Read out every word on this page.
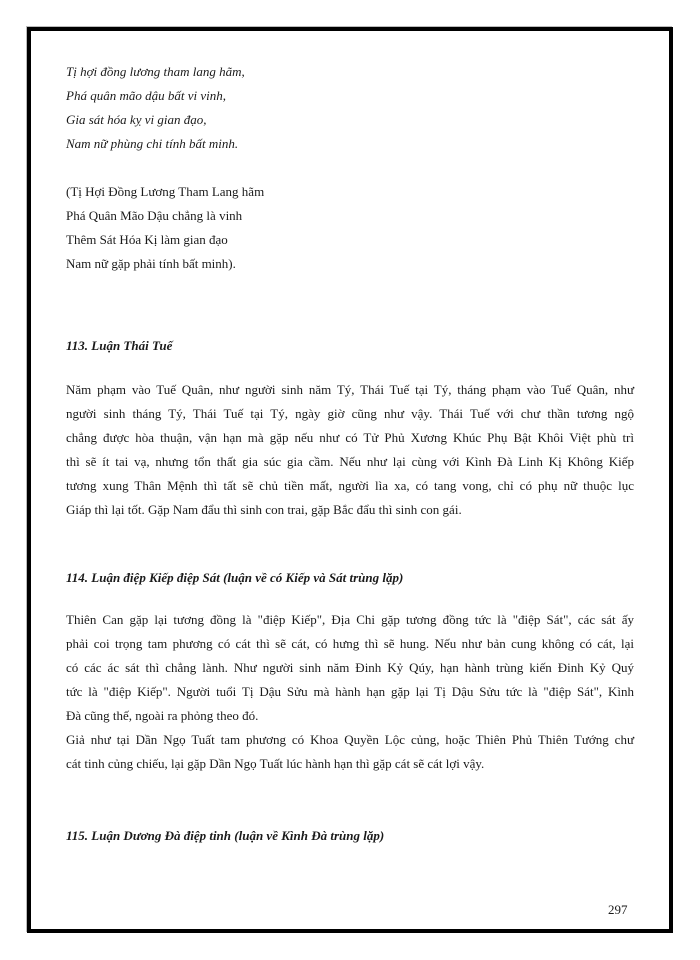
Tị hợi đồng lương tham lang hãm,
Phá quân mão dậu bất vi vinh,
Gia sát hóa kỵ vi gian đạo,
Nam nữ phùng chi tính bất minh.
(Tị Hợi Đồng Lương Tham Lang hãm
Phá Quân Mão Dậu chẳng là vinh
Thêm Sát Hóa Kị làm gian đạo
Nam nữ gặp phải tính bất minh).
113. Luận Thái Tuế
Năm phạm vào Tuế Quân, như người sinh năm Tý, Thái Tuế tại Tý, tháng phạm vào Tuế Quân, như
người sinh tháng Tý, Thái Tuế tại Tý, ngày giờ cũng như vậy. Thái Tuế với chư thần tương ngộ
chẳng được hòa thuận, vận hạn mà gặp nếu như có Tử Phủ Xương Khúc Phụ Bật Khôi Việt phù trì
thì sẽ ít tai vạ, nhưng tổn thất gia súc gia cầm. Nếu như lại cùng với Kình Đà Linh Kị Không Kiếp
tương xung Thân Mệnh thì tất sẽ chủ tiền mất, người lìa xa, có tang vong, chỉ có phụ nữ thuộc lục
Giáp thì lại tốt. Gặp Nam đẩu thì sinh con trai, gặp Bắc đẩu thì sinh con gái.
114. Luận điệp Kiếp điệp Sát (luận về có Kiếp và Sát trùng lặp)
Thiên Can gặp lại tương đồng là "điệp Kiếp", Địa Chi gặp tương đồng tức là "điệp Sát", các sát ấy
phải coi trọng tam phương có cát thì sẽ cát, có hưng thì sẽ hung. Nếu như bản cung không có cát, lại
có các ác sát thì chẳng lành. Như người sinh năm Đinh Kỷ Qúy, hạn hành trùng kiến Đinh Kỷ Quý
tức là "điệp Kiếp". Người tuổi Tị Dậu Sửu mà hành hạn gặp lại Tị Dậu Sửu tức là "điệp Sát", Kình
Đà cũng thế, ngoài ra phỏng theo đó.
Giả như tại Dần Ngọ Tuất tam phương có Khoa Quyền Lộc củng, hoặc Thiên Phủ Thiên Tướng chư
cát tinh củng chiếu, lại gặp Dần Ngọ Tuất lúc hành hạn thì gặp cát sẽ cát lợi vậy.
115. Luận Dương Đà điệp tinh (luận về Kình Đà trùng lặp)
297
